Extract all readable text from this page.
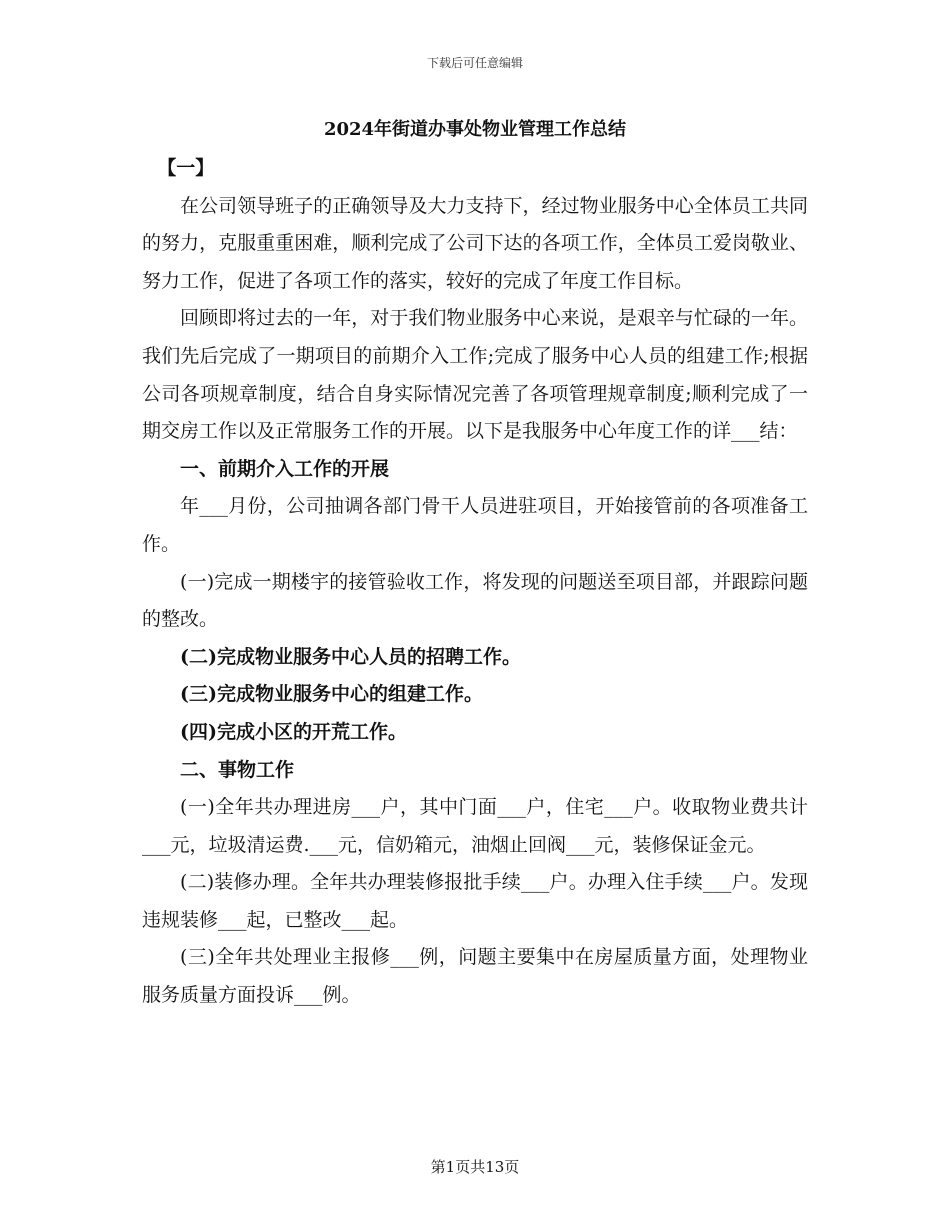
下载后可任意编辑
2024年街道办事处物业管理工作总结

【一】

在公司领导班子的正确领导及大力支持下，经过物业服务中心全体员工共同的努力，克服重重困难，顺利完成了公司下达的各项工作，全体员工爱岗敬业、努力工作，促进了各项工作的落实，较好的完成了年度工作目标。

回顾即将过去的一年，对于我们物业服务中心来说，是艰辛与忙碌的一年。我们先后完成了一期项目的前期介入工作;完成了服务中心人员的组建工作;根据公司各项规章制度，结合自身实际情况完善了各项管理规章制度;顺利完成了一期交房工作以及正常服务工作的开展。以下是我服务中心年度工作的详___结：

一、前期介入工作的开展

年___月份，公司抽调各部门骨干人员进驻项目，开始接管前的各项准备工作。

(一)完成一期楼宇的接管验收工作，将发现的问题送至项目部，并跟踪问题的整改。

(二)完成物业服务中心人员的招聘工作。

(三)完成物业服务中心的组建工作。

(四)完成小区的开荒工作。

二、事物工作

(一)全年共办理进房___户，其中门面___户，住宅___户。收取物业费共计___元，垃圾清运费.___元，信奶箱元，油烟止回阀___元，装修保证金元。

(二)装修办理。全年共办理装修报批手续___户。办理入住手续___户。发现违规装修___起，已整改___起。

(三)全年共处理业主报修___例，问题主要集中在房屋质量方面，处理物业服务质量方面投诉___例。

第1页共13页
